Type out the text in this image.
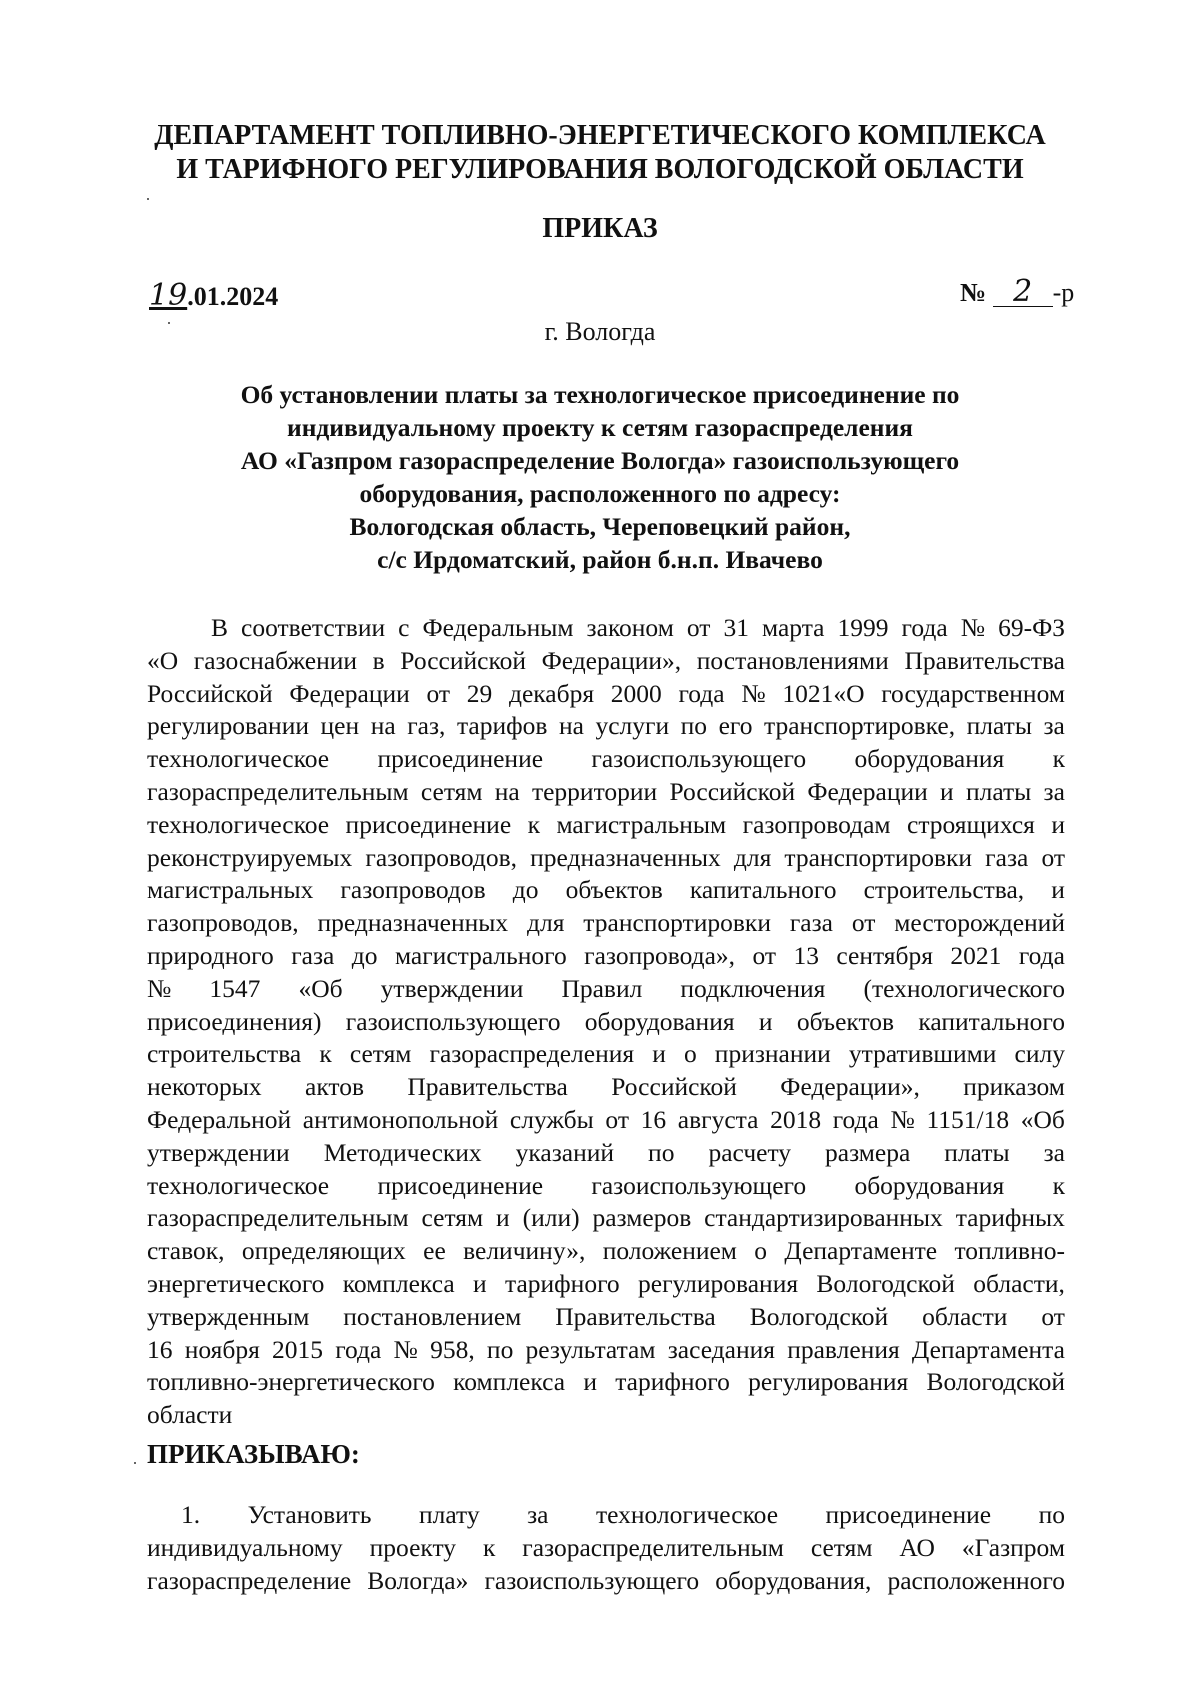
ДЕПАРТАМЕНТ ТОПЛИВНО-ЭНЕРГЕТИЧЕСКОГО КОМПЛЕКСА
И ТАРИФНОГО РЕГУЛИРОВАНИЯ ВОЛОГОДСКОЙ ОБЛАСТИ
ПРИКАЗ
19.01.2024	№ 2 -р
г. Вологда
Об установлении платы за технологическое присоединение по
индивидуальному проекту к сетям газораспределения
АО «Газпром газораспределение Вологда» газоиспользующего
оборудования, расположенного по адресу:
Вологодская область, Череповецкий район,
с/с Ирдоматский, район б.н.п. Ивачево
В соответствии с Федеральным законом от 31 марта 1999 года № 69-ФЗ
«О газоснабжении в Российской Федерации», постановлениями Правительства
Российской Федерации от 29 декабря 2000 года № 1021«О государственном
регулировании цен на газ, тарифов на услуги по его транспортировке, платы за
технологическое присоединение газоиспользующего оборудования к
газораспределительным сетям на территории Российской Федерации и платы за
технологическое присоединение к магистральным газопроводам строящихся и
реконструируемых газопроводов, предназначенных для транспортировки газа от
магистральных газопроводов до объектов капитального строительства, и
газопроводов, предназначенных для транспортировки газа от месторождений
природного газа до магистрального газопровода», от 13 сентября 2021 года
№ 1547 «Об утверждении Правил подключения (технологического
присоединения) газоиспользующего оборудования и объектов капитального
строительства к сетям газораспределения и о признании утратившими силу
некоторых актов Правительства Российской Федерации», приказом
Федеральной антимонопольной службы от 16 августа 2018 года № 1151/18 «Об
утверждении Методических указаний по расчету размера платы за
технологическое присоединение газоиспользующего оборудования к
газораспределительным сетям и (или) размеров стандартизированных тарифных
ставок, определяющих ее величину», положением о Департаменте топливно-
энергетического комплекса и тарифного регулирования Вологодской области,
утвержденным постановлением Правительства Вологодской области от
16 ноября 2015 года № 958, по результатам заседания правления Департамента
топливно-энергетического комплекса и тарифного регулирования Вологодской
области
ПРИКАЗЫВАЮ:
1. Установить плату за технологическое присоединение по
индивидуальному проекту к газораспределительным сетям АО «Газпром
газораспределение Вологда» газоиспользующего оборудования, расположенного
